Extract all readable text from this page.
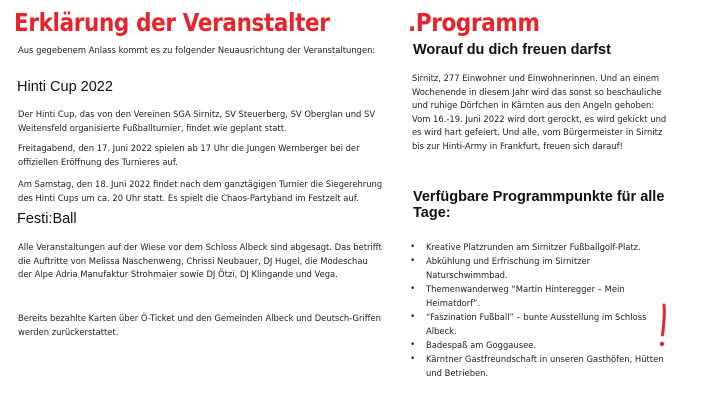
Erklärung der Veranstalter	.Programm

Aus gegebenem Anlass kommt es zu folgender Neuausrichtung der Veranstaltungen:

Hinti Cup 2022

Der Hinti Cup, das von den Vereinen SGA Sirnitz, SV Steuerberg, SV Oberglan und SV Weitensfeld organisierte Fußballturnier, findet wie geplant statt.

Freitagabend, den 17. Juni 2022 spielen ab 17 Uhr die Jungen Wernberger bei der offiziellen Eröffnung des Turnieres auf.

Am Samstag, den 18. Juni 2022 findet nach dem ganztägigen Turnier die Siegerehrung des Hinti Cups um ca. 20 Uhr statt. Es spielt die Chaos-Partyband im Festzelt auf.

Festi:Ball

Alle Veranstaltungen auf der Wiese vor dem Schloss Albeck sind abgesagt. Das betrifft die Auftritte von Melissa Naschenweng, Chrissi Neubauer, DJ Hugel, die Modeschau der Alpe Adria Manufaktur Strohmaier sowie DJ Ötzi, DJ Klingande und Vega.

Bereits bezahlte Karten über Ö-Ticket und den Gemeinden Albeck und Deutsch-Griffen werden zurückerstattet.

Worauf du dich freuen darfst

Sirnitz, 277 Einwohner und Einwohnerinnen. Und an einem Wochenende in diesem Jahr wird das sonst so beschauliche und ruhige Dörfchen in Kärnten aus den Angeln gehoben: Vom 16.-19. Juni 2022 wird dort gerockt, es wird gekickt und es wird hart gefeiert. Und alle, vom Bürgermeister in Sirnitz bis zur Hinti-Army in Frankfurt, freuen sich darauf!

Verfügbare Programmpunkte für alle Tage:
• Kreative Platzrunden am Sirnitzer Fußballgolf-Platz.
• Abkühlung und Erfrischung im Sirnitzer Naturschwimmbad.
• Themenwanderweg “Martin Hinteregger – Mein Heimatdorf”.
• “Faszination Fußball” – bunte Ausstellung im Schloss Albeck.
• Badespaß am Goggausee.
• Kärntner Gastfreundschaft in unseren Gasthöfen, Hütten und Betrieben.
